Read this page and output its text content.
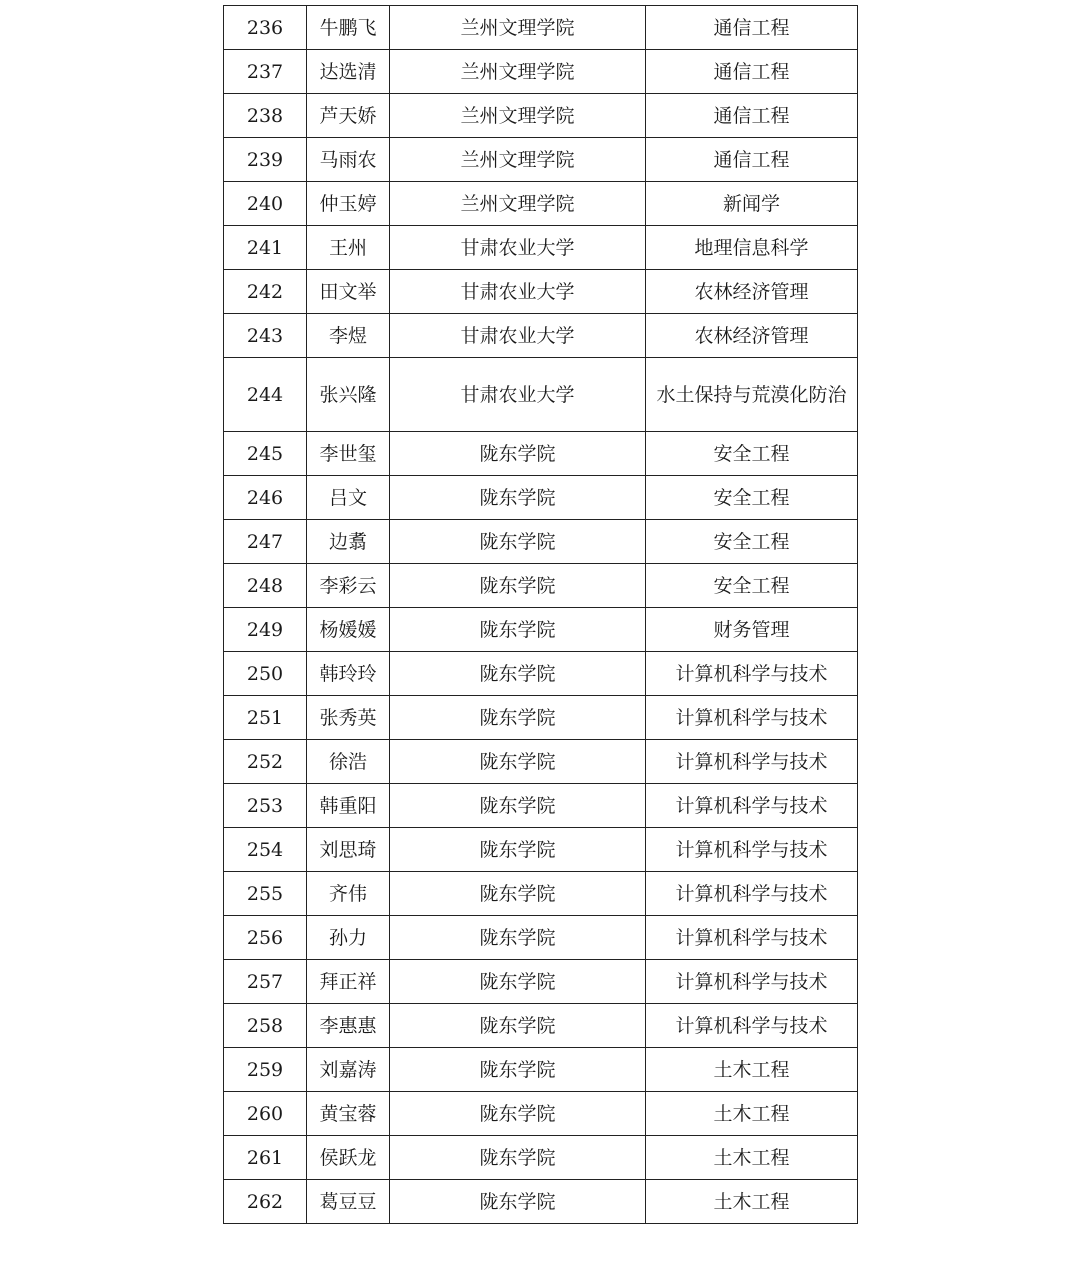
236	牛鹏飞	兰州文理学院	通信工程
237	达选清	兰州文理学院	通信工程
238	芦天娇	兰州文理学院	通信工程
239	马雨农	兰州文理学院	通信工程
240	仲玉婷	兰州文理学院	新闻学
241	王州	甘肃农业大学	地理信息科学
242	田文举	甘肃农业大学	农林经济管理
243	李煜	甘肃农业大学	农林经济管理
244	张兴隆	甘肃农业大学	水土保持与荒漠化防治
245	李世玺	陇东学院	安全工程
246	吕文	陇东学院	安全工程
247	边翥	陇东学院	安全工程
248	李彩云	陇东学院	安全工程
249	杨媛媛	陇东学院	财务管理
250	韩玲玲	陇东学院	计算机科学与技术
251	张秀英	陇东学院	计算机科学与技术
252	徐浩	陇东学院	计算机科学与技术
253	韩重阳	陇东学院	计算机科学与技术
254	刘思琦	陇东学院	计算机科学与技术
255	齐伟	陇东学院	计算机科学与技术
256	孙力	陇东学院	计算机科学与技术
257	拜正祥	陇东学院	计算机科学与技术
258	李惠惠	陇东学院	计算机科学与技术
259	刘嘉涛	陇东学院	土木工程
260	黄宝蓉	陇东学院	土木工程
261	侯跃龙	陇东学院	土木工程
262	葛豆豆	陇东学院	土木工程
